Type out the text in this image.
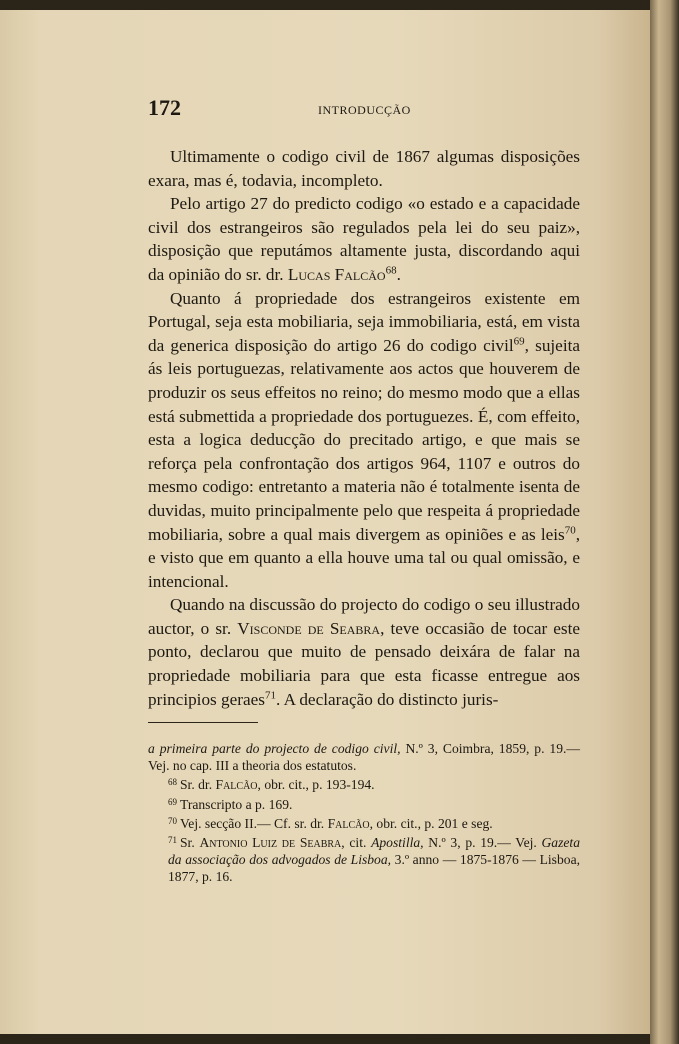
172	INTRODUCÇÃO

Ultimamente o codigo civil de 1867 algumas disposições exara, mas é, todavia, incompleto.

Pelo artigo 27 do predicto codigo «o estado e a capacidade civil dos estrangeiros são regulados pela lei do seu paiz», disposição que reputámos altamente justa, discordando aqui da opinião do sr. dr. Lucas Falcão$^{68}$.

Quanto á propriedade dos estrangeiros existente em Portugal, seja esta mobiliaria, seja immobiliaria, está, em vista da generica disposição do artigo 26 do codigo civil$^{69}$, sujeita ás leis portuguezas, relativamente aos actos que houverem de produzir os seus effeitos no reino; do mesmo modo que a ellas está submettida a propriedade dos portuguezes. É, com effeito, esta a logica deducção do precitado artigo, e que mais se reforça pela confrontação dos artigos 964, 1107 e outros do mesmo codigo: entretanto a materia não é totalmente isenta de duvidas, muito principalmente pelo que respeita á propriedade mobiliaria, sobre a qual mais divergem as opiniões e as leis$^{70}$, e visto que em quanto a ella houve uma tal ou qual omissão, e intencional.

Quando na discussão do projecto do codigo o seu illustrado auctor, o sr. Visconde de Seabra, teve occasião de tocar este ponto, declarou que muito de pensado deixára de falar na propriedade mobiliaria para que esta ficasse entregue aos principios geraes$^{71}$. A declaração do distincto juris-

a primeira parte do projecto de codigo civil, N.º 3, Coimbra, 1859, p. 19.— Vej. no cap. III a theoria dos estatutos.

$^{68}$ Sr. dr. Falcão, obr. cit., p. 193-194.

$^{69}$ Transcripto a p. 169.

$^{70}$ Vej. secção II.— Cf. sr. dr. Falcão, obr. cit., p. 201 e seg.

$^{71}$ Sr. Antonio Luiz de Seabra, cit. Apostilla, N.º 3, p. 19.— Vej. Gazeta da associação dos advogados de Lisboa, 3.º anno — 1875-1876 — Lisboa, 1877, p. 16.
